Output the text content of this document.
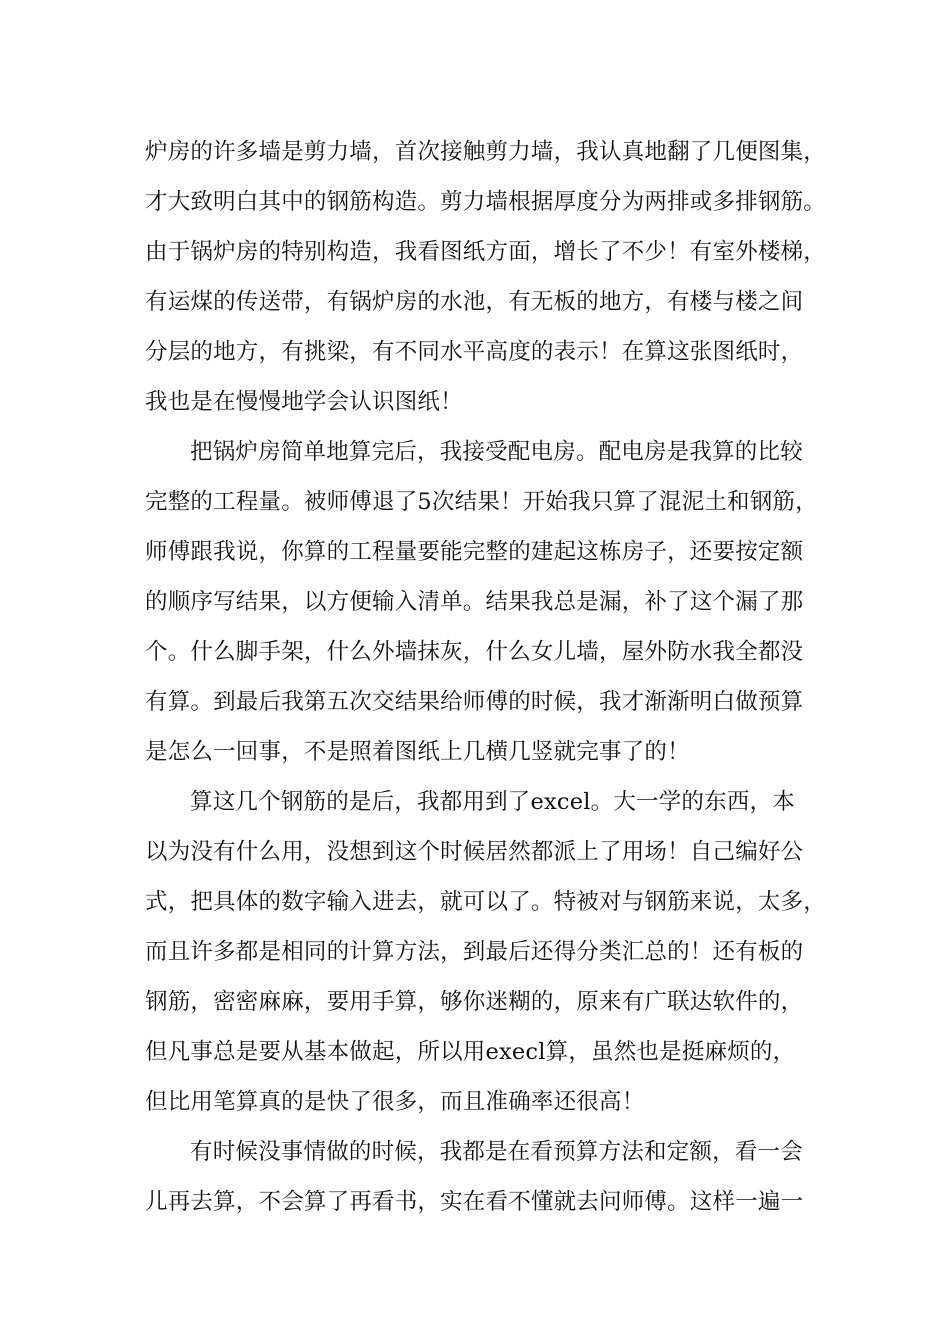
炉房的许多墙是剪力墙，首次接触剪力墙，我认真地翻了几便图集，
才大致明白其中的钢筋构造。剪力墙根据厚度分为两排或多排钢筋。
由于锅炉房的特别构造，我看图纸方面，增长了不少！有室外楼梯，
有运煤的传送带，有锅炉房的水池，有无板的地方，有楼与楼之间
分层的地方，有挑梁，有不同水平高度的表示！在算这张图纸时，
我也是在慢慢地学会认识图纸！
把锅炉房简单地算完后，我接受配电房。配电房是我算的比较
完整的工程量。被师傅退了5次结果！开始我只算了混泥土和钢筋，
师傅跟我说，你算的工程量要能完整的建起这栋房子，还要按定额
的顺序写结果，以方便输入清单。结果我总是漏，补了这个漏了那
个。什么脚手架，什么外墙抹灰，什么女儿墙，屋外防水我全都没
有算。到最后我第五次交结果给师傅的时候，我才渐渐明白做预算
是怎么一回事，不是照着图纸上几横几竖就完事了的！
算这几个钢筋的是后，我都用到了excel。大一学的东西，本
以为没有什么用，没想到这个时候居然都派上了用场！自己编好公
式，把具体的数字输入进去，就可以了。特被对与钢筋来说，太多，
而且许多都是相同的计算方法，到最后还得分类汇总的！还有板的
钢筋，密密麻麻，要用手算，够你迷糊的，原来有广联达软件的，
但凡事总是要从基本做起，所以用execl算，虽然也是挺麻烦的，
但比用笔算真的是快了很多，而且准确率还很高！
有时候没事情做的时候，我都是在看预算方法和定额，看一会
儿再去算，不会算了再看书，实在看不懂就去问师傅。这样一遍一
